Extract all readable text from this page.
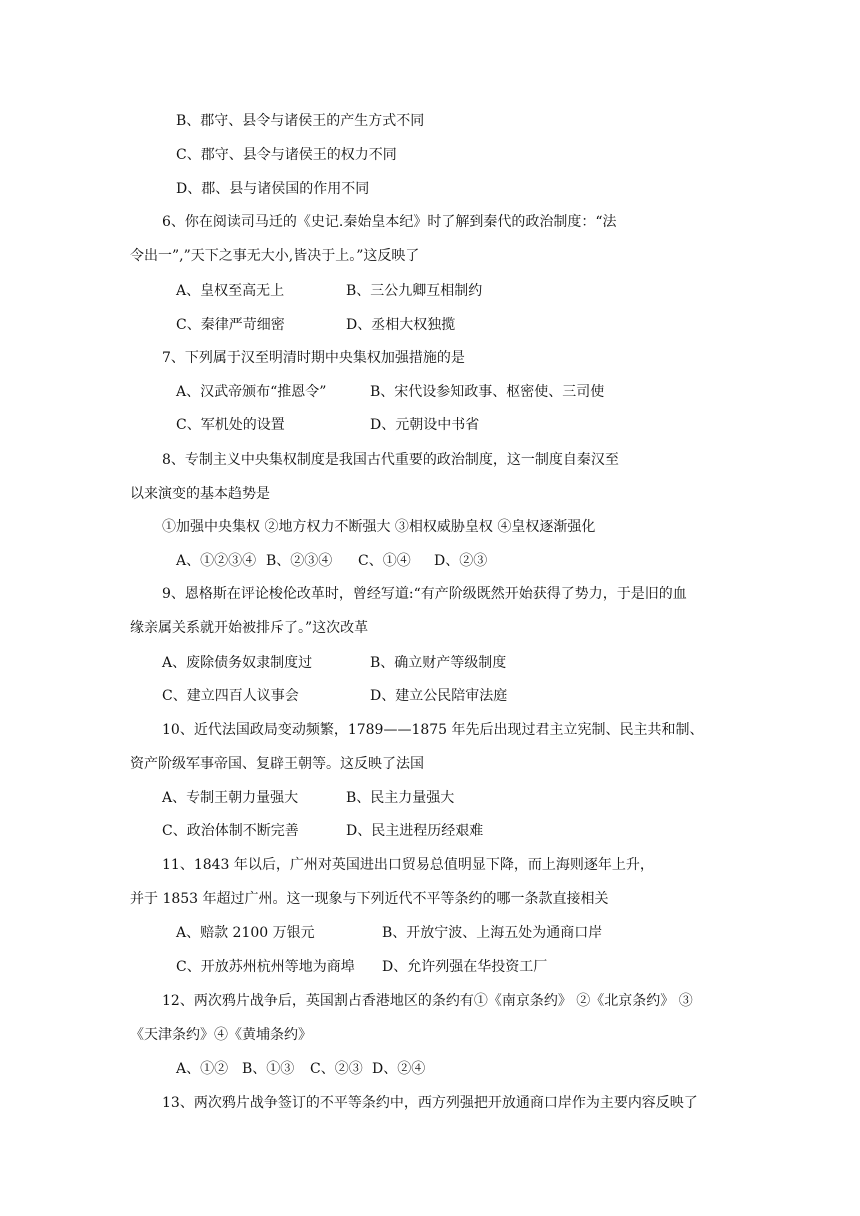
B、郡守、县令与诸侯王的产生方式不同
C、郡守、县令与诸侯王的权力不同
D、郡、县与诸侯国的作用不同
6、你在阅读司马迁的《史记.秦始皇本纪》时了解到秦代的政治制度：“法
令出一”,”天下之事无大小,皆决于上。”这反映了
A、皇权至高无上	B、三公九卿互相制约
C、秦律严苛细密	D、丞相大权独揽
7、下列属于汉至明清时期中央集权加强措施的是
A、汉武帝颁布“推恩令”	B、宋代设参知政事、枢密使、三司使
C、军机处的设置	D、元朝设中书省
8、专制主义中央集权制度是我国古代重要的政治制度，这一制度自秦汉至
以来演变的基本趋势是
①加强中央集权 ②地方权力不断强大 ③相权威胁皇权 ④皇权逐渐强化
A、①②③④ B、②③④ C、①④ D、②③
9、恩格斯在评论梭伦改革时，曾经写道:“有产阶级既然开始获得了势力，于是旧的血
缘亲属关系就开始被排斥了。”这次改革
A、废除债务奴隶制度过	B、确立财产等级制度
C、建立四百人议事会	D、建立公民陪审法庭
10、近代法国政局变动频繁，1789——1875 年先后出现过君主立宪制、民主共和制、
资产阶级军事帝国、复辟王朝等。这反映了法国
A、专制王朝力量强大	B、民主力量强大
C、政治体制不断完善	D、民主进程历经艰难
11、1843 年以后，广州对英国进出口贸易总值明显下降，而上海则逐年上升，
并于 1853 年超过广州。这一现象与下列近代不平等条约的哪一条款直接相关
A、赔款 2100 万银元	B、开放宁波、上海五处为通商口岸
C、开放苏州杭州等地为商埠 D、允许列强在华投资工厂
12、两次鸦片战争后，英国割占香港地区的条约有①《南京条约》 ②《北京条约》 ③
《天津条约》④《黄埔条约》
A、①② B、①③ C、②③ D、②④
13、两次鸦片战争签订的不平等条约中，西方列强把开放通商口岸作为主要内容反映了
